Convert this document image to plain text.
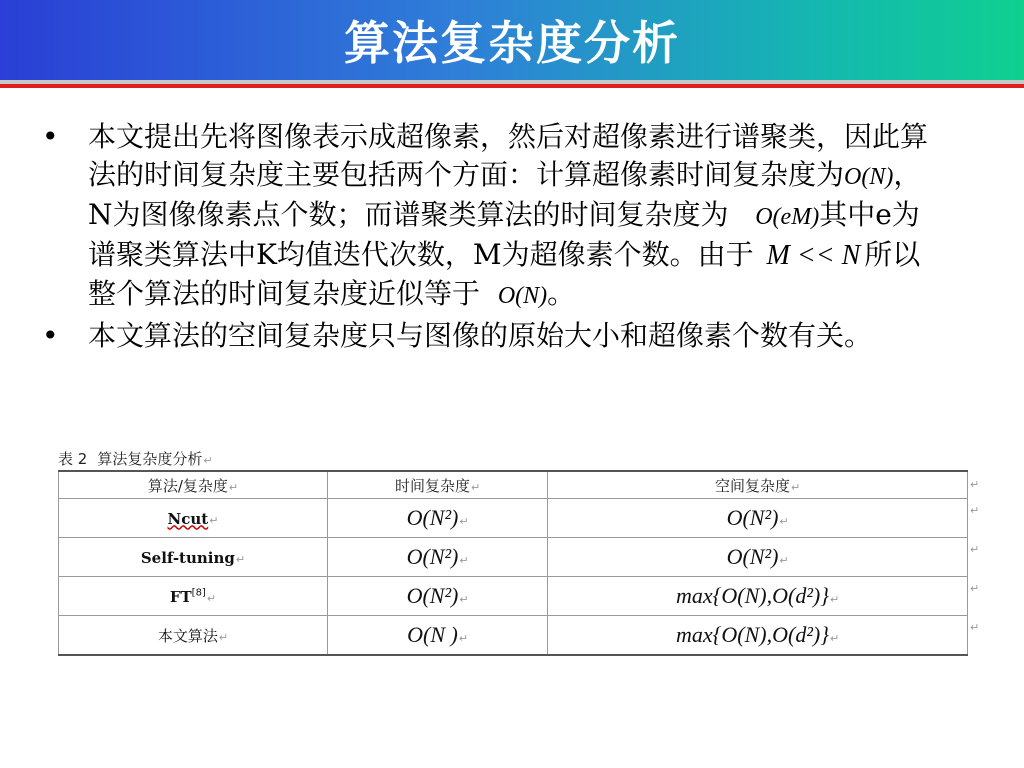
算法复杂度分析
• 本文提出先将图像表示成超像素，然后对超像素进行谱聚类，因此算法的时间复杂度主要包括两个方面：计算超像素时间复杂度为O(N)，N为图像像素点个数；而谱聚类算法的时间复杂度为 O(eM)其中e为谱聚类算法中K均值迭代次数，M为超像素个数。由于 M << N 所以整个算法的时间复杂度近似等于 O(N)。
• 本文算法的空间复杂度只与图像的原始大小和超像素个数有关。
表 2 算法复杂度分析↵
算法/复杂度↵	时间复杂度↵	空间复杂度↵
Ncut↵	O(N²)↵	O(N²)↵
Self-tuning↵	O(N²)↵	O(N²)↵
FT[8]↵	O(N²)↵	max{O(N),O(d²)}↵
本文算法↵	O(N )↵	max{O(N),O(d²)}↵
↵
↵
↵
↵
↵
